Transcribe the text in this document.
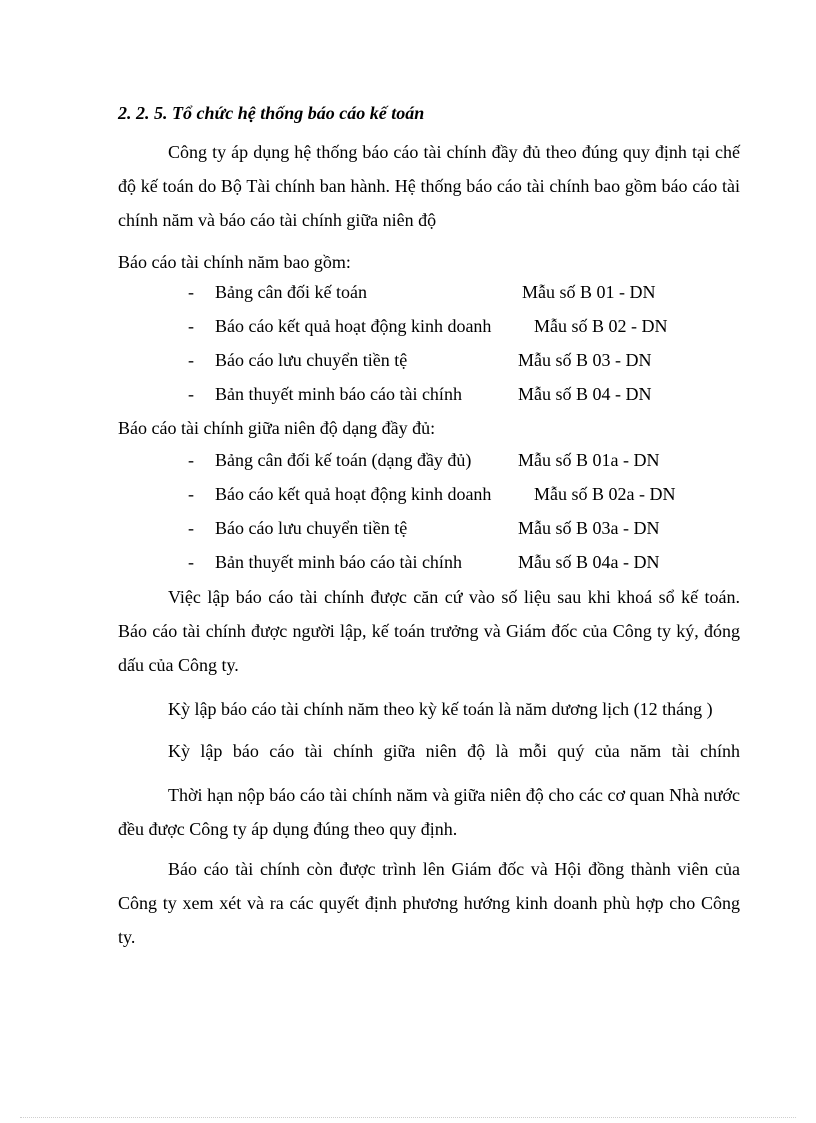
2. 2. 5. Tổ chức hệ thống báo cáo kế toán

Công ty áp dụng hệ thống báo cáo tài chính đầy đủ theo đúng quy định tại chế độ kế toán do Bộ Tài chính ban hành. Hệ thống báo cáo tài chính bao gồm báo cáo tài chính năm và báo cáo tài chính giữa niên độ

Báo cáo tài chính năm bao gồm:
- Bảng cân đối kế toán	Mẫu số B 01 - DN
- Báo cáo kết quả hoạt động kinh doanh Mẫu số B 02 - DN
- Báo cáo lưu chuyển tiền tệ	Mẫu số B 03 - DN
- Bản thuyết minh báo cáo tài chính	Mẫu số B 04 - DN
Báo cáo tài chính giữa niên độ dạng đầy đủ:
- Bảng cân đối kế toán (dạng đầy đủ)	Mẫu số B 01a - DN
- Báo cáo kết quả hoạt động kinh doanh Mẫu số B 02a - DN
- Báo cáo lưu chuyển tiền tệ	Mẫu số B 03a - DN
- Bản thuyết minh báo cáo tài chính	Mẫu số B 04a - DN

Việc lập báo cáo tài chính được căn cứ vào số liệu sau khi khoá sổ kế toán. Báo cáo tài chính được người lập, kế toán trưởng và Giám đốc của Công ty ký, đóng dấu của Công ty.

Kỳ lập báo cáo tài chính năm theo kỳ kế toán là năm dương lịch (12 tháng )

Kỳ lập báo cáo tài chính giữa niên độ là mỗi quý của năm tài chính

Thời hạn nộp báo cáo tài chính năm và giữa niên độ cho các cơ quan Nhà nước đều được Công ty áp dụng đúng theo quy định.

Báo cáo tài chính còn được trình lên Giám đốc và Hội đồng thành viên của Công ty xem xét và ra các quyết định phương hướng kinh doanh phù hợp cho Công ty.
